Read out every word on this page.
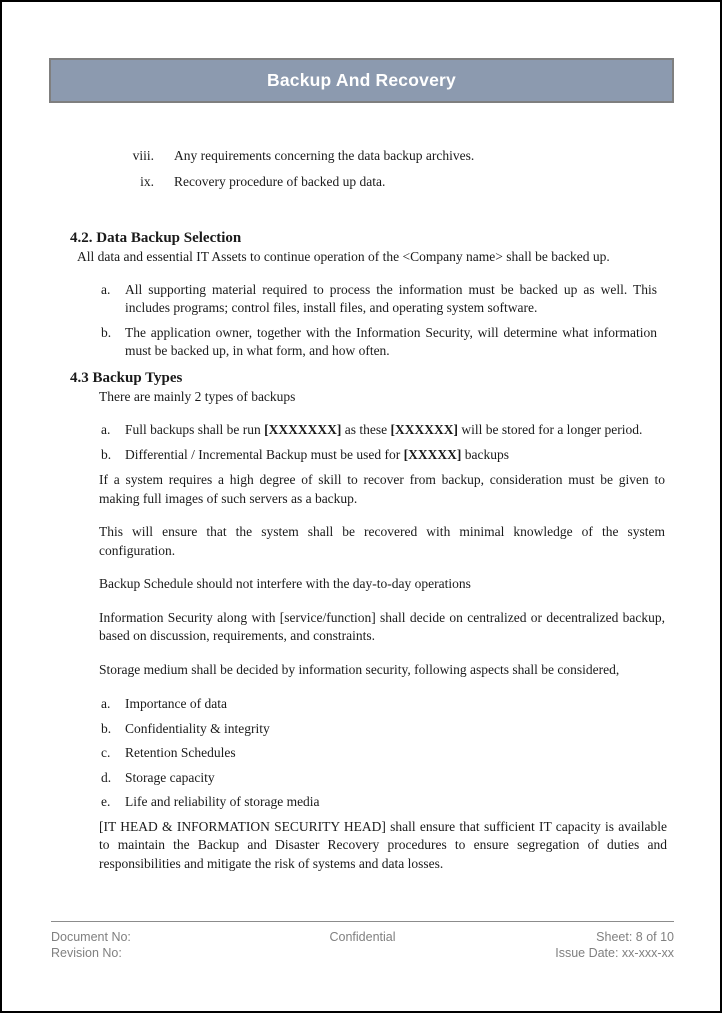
Backup And Recovery
viii. Any requirements concerning the data backup archives.
ix. Recovery procedure of backed up data.
4.2. Data Backup Selection
All data and essential IT Assets to continue operation of the <Company name> shall be backed up.
a.	All supporting material required to process the information must be backed up as well. This includes programs; control files, install files, and operating system software.
b.	The application owner, together with the Information Security, will determine what information must be backed up, in what form, and how often.
4.3 Backup Types
There are mainly 2 types of backups
a.	Full backups shall be run [XXXXXXX] as these [XXXXXX] will be stored for a longer period.
b.	Differential / Incremental Backup must be used for [XXXXX] backups

If a system requires a high degree of skill to recover from backup, consideration must be given to making full images of such servers as a backup.

This will ensure that the system shall be recovered with minimal knowledge of the system configuration.

Backup Schedule should not interfere with the day-to-day operations

Information Security along with [service/function] shall decide on centralized or decentralized backup, based on discussion, requirements, and constraints.

Storage medium shall be decided by information security, following aspects shall be considered,

a.	Importance of data
b.	Confidentiality & integrity
c.	Retention Schedules
d.	Storage capacity
e.	Life and reliability of storage media

[IT HEAD & INFORMATION SECURITY HEAD] shall ensure that sufficient IT capacity is available to maintain the Backup and Disaster Recovery procedures to ensure segregation of duties and responsibilities and mitigate the risk of systems and data losses.

Document No:
Revision No:
Confidential	Sheet: 8 of 10
Issue Date: xx-xxx-xx
